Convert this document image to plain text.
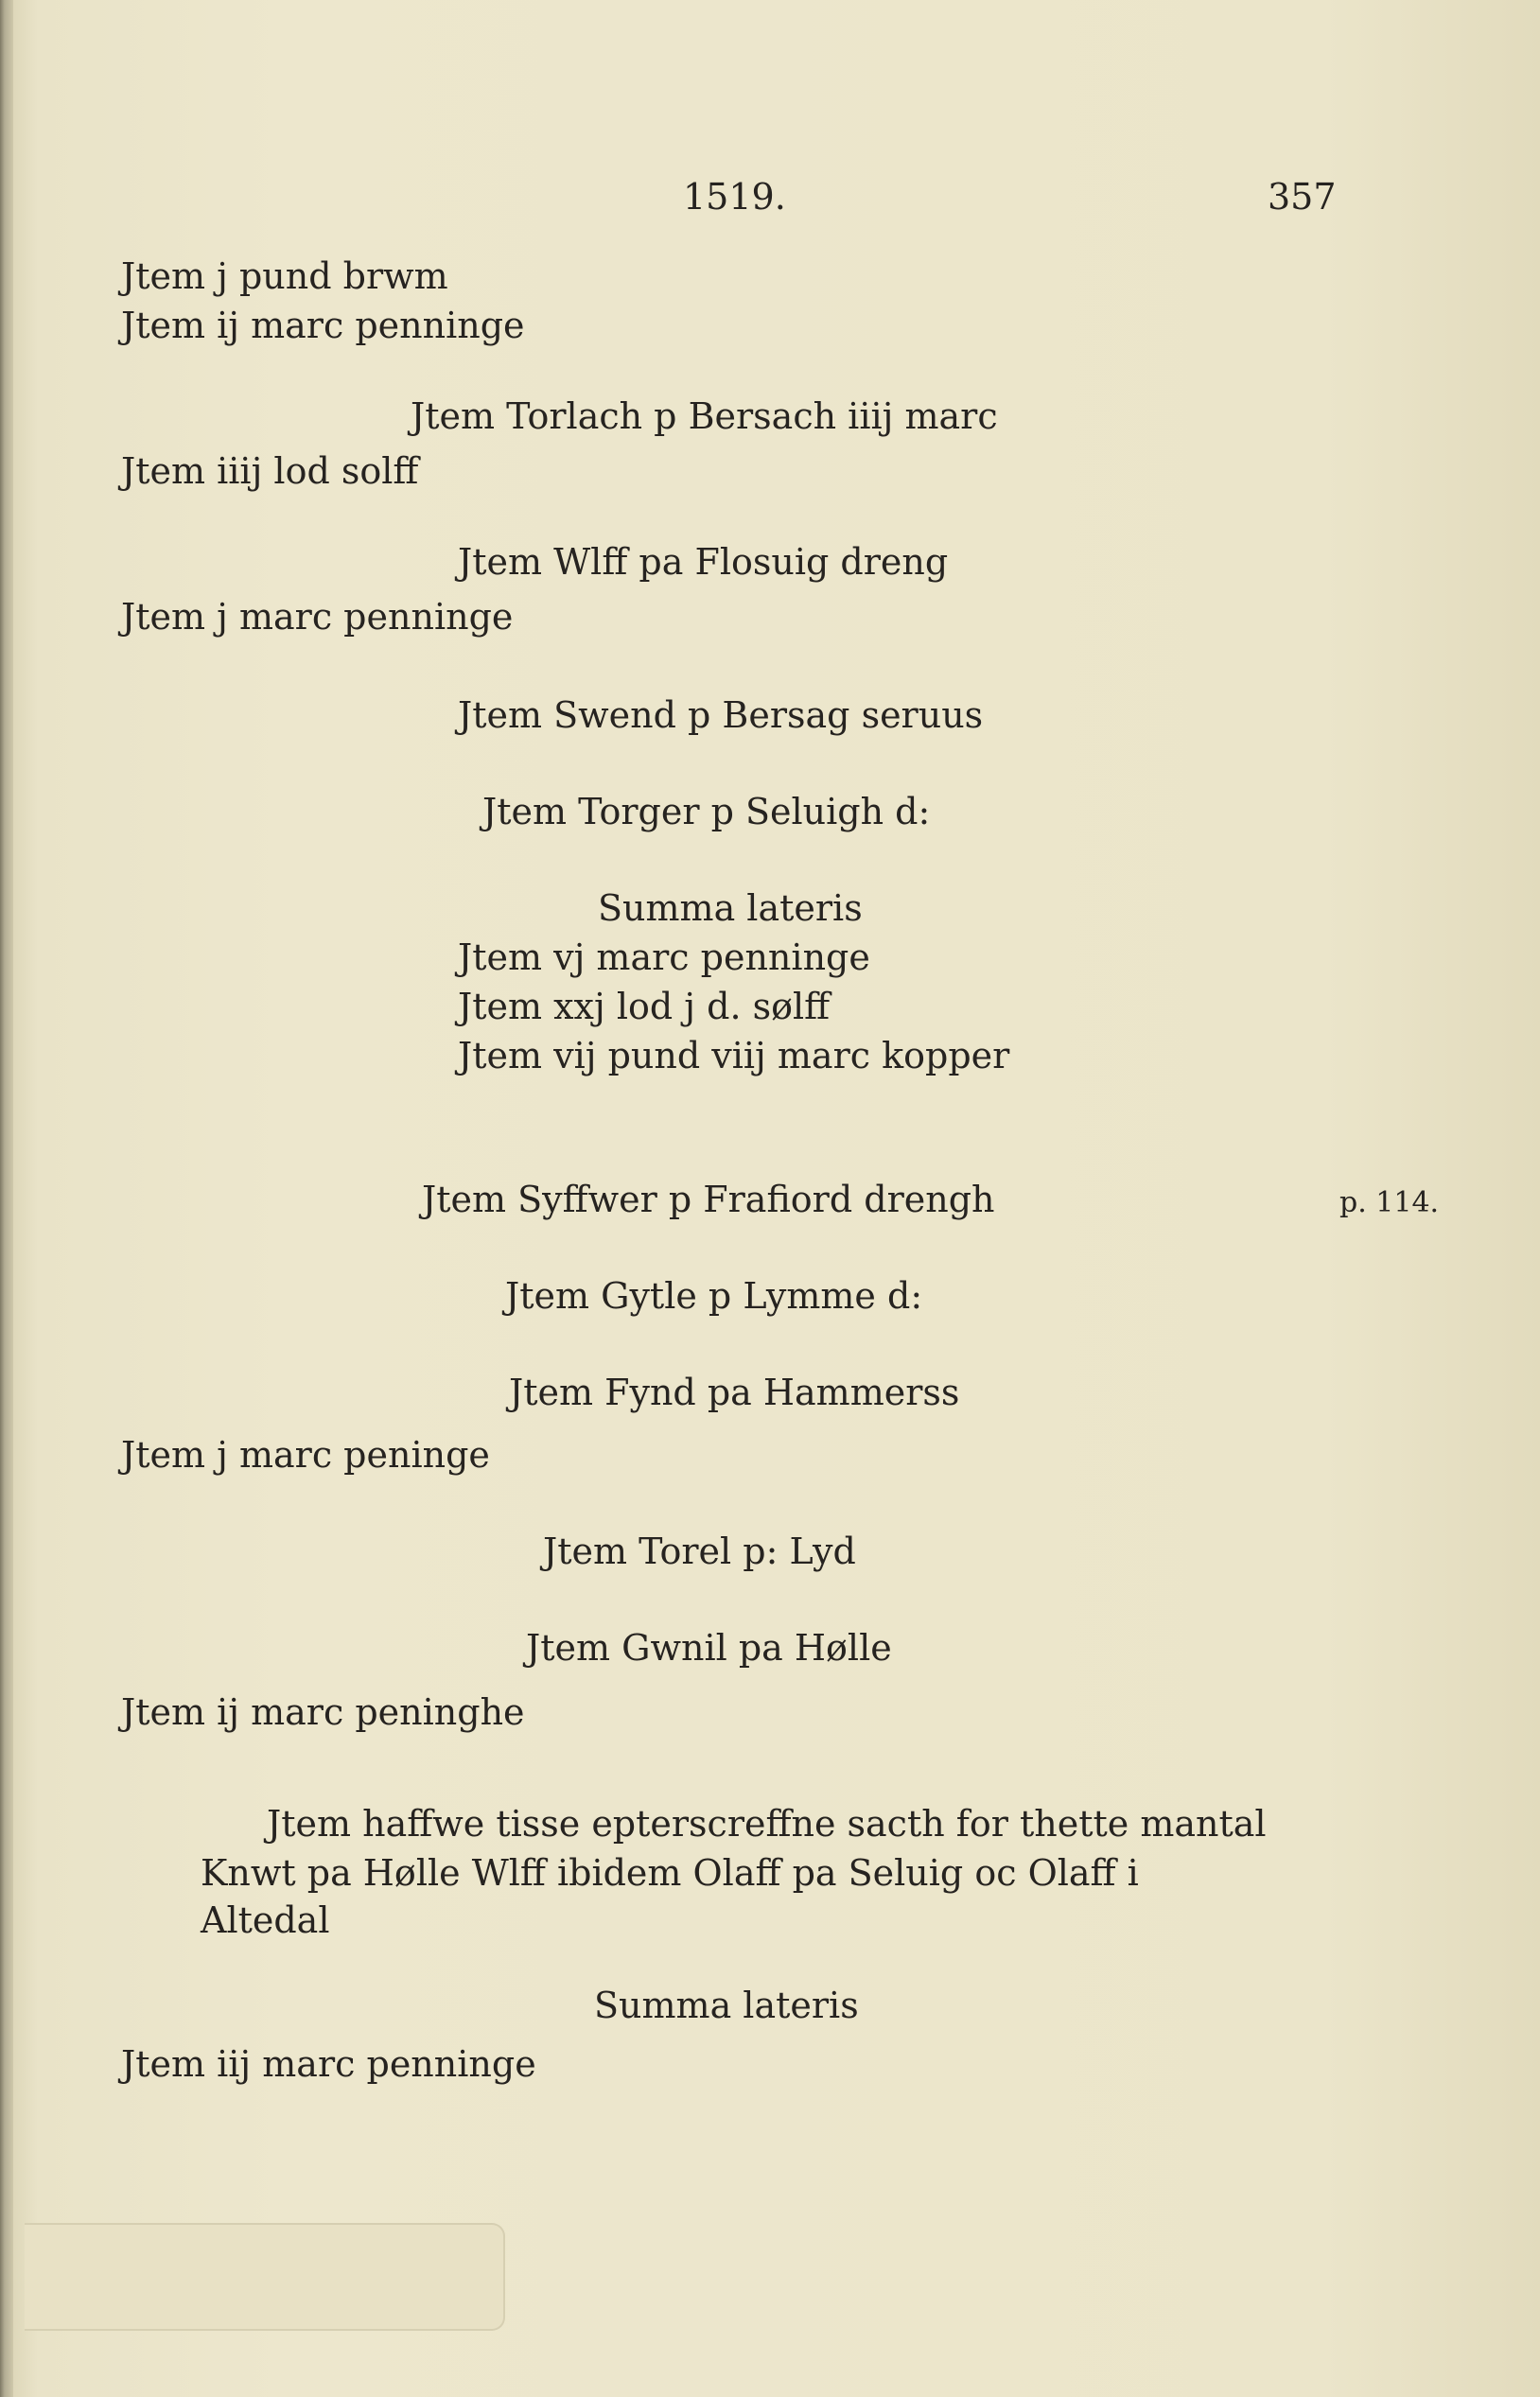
1519.	357
Jtem j pund brwm
Jtem ij marc penninge
Jtem Torlach p Bersach iiij marc
Jtem iiij lod solff
Jtem Wlff pa Flosuig dreng
Jtem j marc penninge
Jtem Swend p Bersag seruus
Jtem Torger p Seluigh d:
Summa lateris
Jtem vj marc penninge
Jtem xxj lod j d. sølff
Jtem vij pund viij marc kopper
Jtem Syffwer p Frafiord drengh	p. 114.
Jtem Gytle p Lymme d:
Jtem Fynd pa Hammerss
Jtem j marc peninge
Jtem Torel p: Lyd
Jtem Gwnil pa Hølle
Jtem ij marc peninghe
Jtem haffwe tisse epterscreffne sacth for thette mantal
Knwt pa Hølle Wlff ibidem Olaff pa Seluig oc Olaff i
Altedal
Summa lateris
Jtem iij marc penninge
